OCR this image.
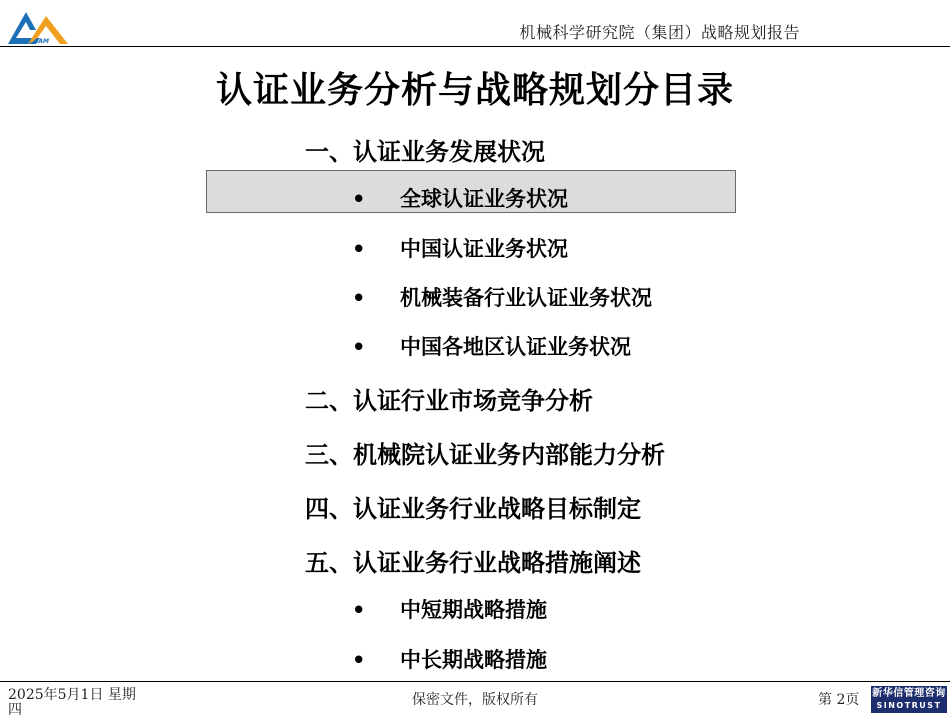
CAM	机械科学研究院（集团）战略规划报告
认证业务分析与战略规划分目录
一、认证业务发展状况
• 全球认证业务状况
• 中国认证业务状况
• 机械装备行业认证业务状况
• 中国各地区认证业务状况
二、认证行业市场竞争分析
三、机械院认证业务内部能力分析
四、认证业务行业战略目标制定
五、认证业务行业战略措施阐述
• 中短期战略措施
• 中长期战略措施
2025年5月1日 星期
四
保密文件，版权所有	第 2页 新华信管理咨询
SINOTRUST
